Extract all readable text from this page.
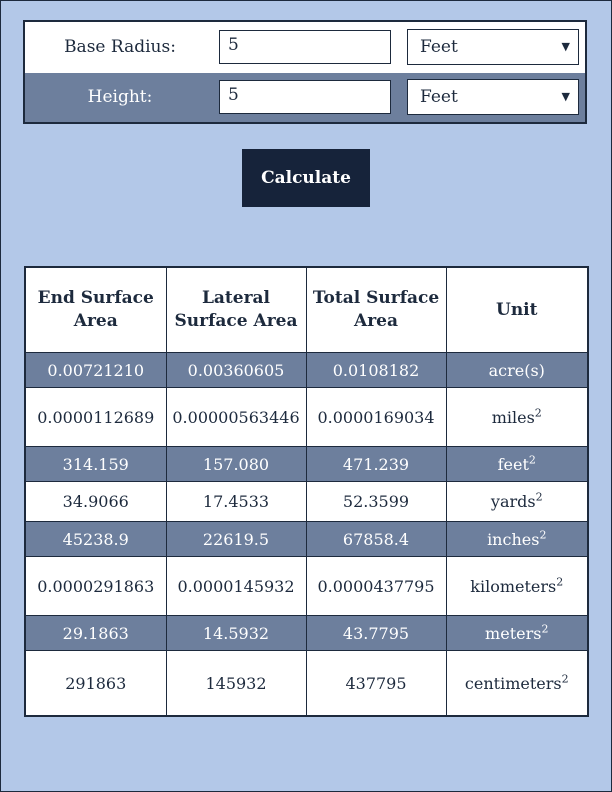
Base Radius:	5	Feet	▼
Height:	5	Feet	▼
Calculate
End Surface Area	Lateral Surface Area	Total Surface Area	Unit
0.00721210	0.00360605	0.0108182	acre(s)
0.0000112689	0.00000563446	0.0000169034	miles$^2$
314.159	157.080	471.239	feet$^2$
34.9066	17.4533	52.3599	yards$^2$
45238.9	22619.5	67858.4	inches$^2$
0.0000291863	0.0000145932	0.0000437795	kilometers$^2$
29.1863	14.5932	43.7795	meters$^2$
291863	145932	437795	centimeters$^2$
